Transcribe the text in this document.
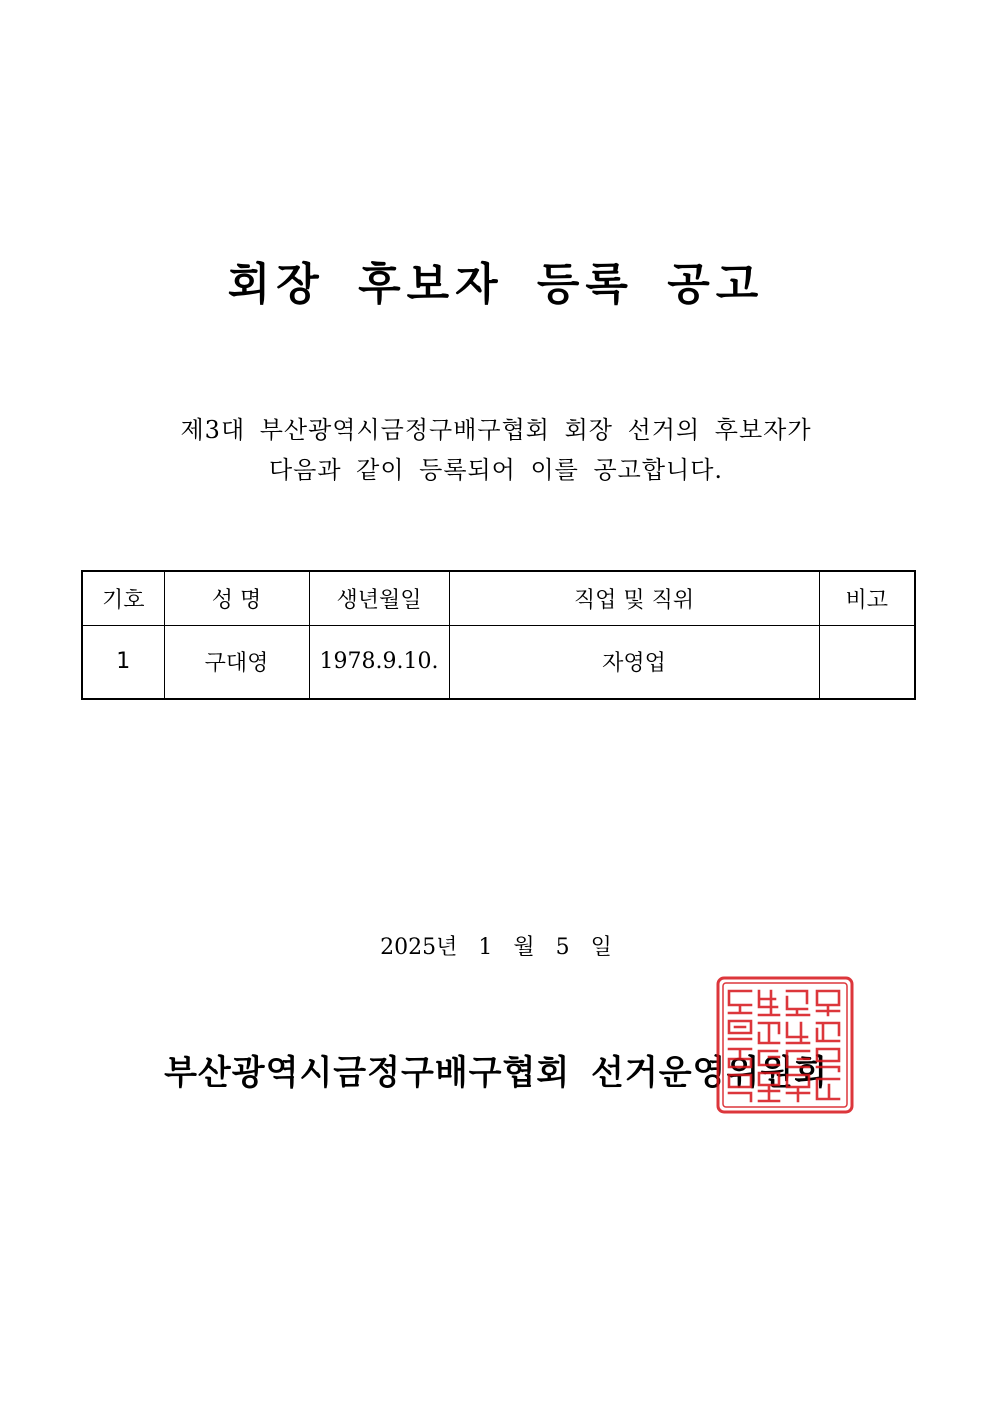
회장 후보자 등록 공고
제3대 부산광역시금정구배구협회 회장 선거의 후보자가
다음과 같이 등록되어 이를 공고합니다.
기호	성 명	생년월일	직업 및 직위	비고
1	구대영	1978.9.10.	자영업	
2025년 1 월 5 일
부산광역시금정구배구협회 선거운영위원회
